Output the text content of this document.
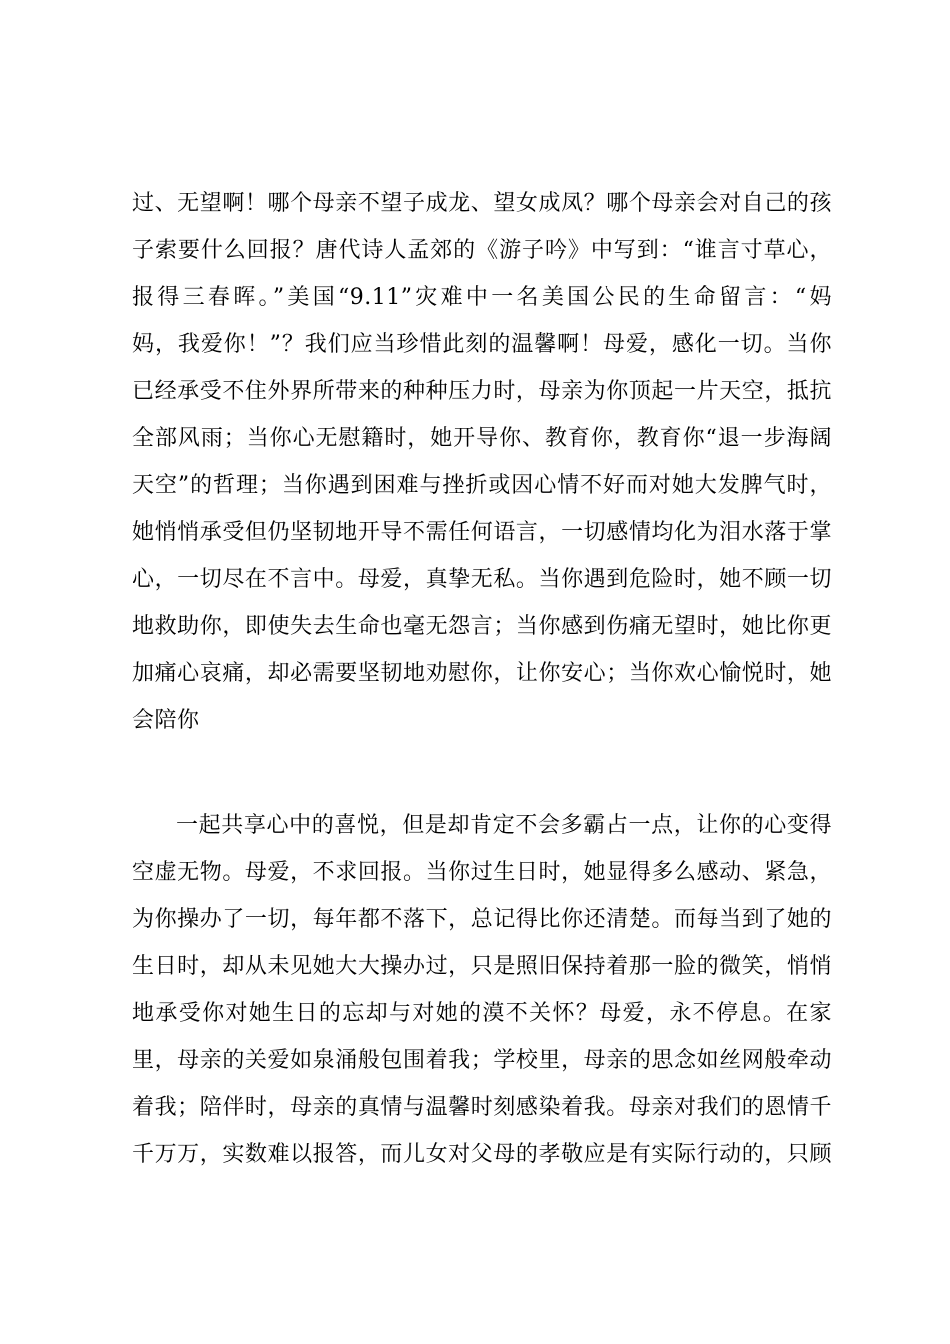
过、无望啊！哪个母亲不望子成龙、望女成凤？哪个母亲会对自己的孩
子索要什么回报？唐代诗人孟郊的《游子吟》中写到：“谁言寸草心，
报得三春晖。”美国“9.11”灾难中一名美国公民的生命留言：“妈
妈，我爱你！”？我们应当珍惜此刻的温馨啊！母爱，感化一切。当你
已经承受不住外界所带来的种种压力时，母亲为你顶起一片天空，抵抗
全部风雨；当你心无慰籍时，她开导你、教育你，教育你“退一步海阔
天空”的哲理；当你遇到困难与挫折或因心情不好而对她大发脾气时，
她悄悄承受但仍坚韧地开导不需任何语言，一切感情均化为泪水落于掌
心，一切尽在不言中。母爱，真挚无私。当你遇到危险时，她不顾一切
地救助你，即使失去生命也毫无怨言；当你感到伤痛无望时，她比你更
加痛心哀痛，却必需要坚韧地劝慰你，让你安心；当你欢心愉悦时，她
会陪你
一起共享心中的喜悦，但是却肯定不会多霸占一点，让你的心变得
空虚无物。母爱，不求回报。当你过生日时，她显得多么感动、紧急，
为你操办了一切，每年都不落下，总记得比你还清楚。而每当到了她的
生日时，却从未见她大大操办过，只是照旧保持着那一脸的微笑，悄悄
地承受你对她生日的忘却与对她的漠不关怀？母爱，永不停息。在家
里，母亲的关爱如泉涌般包围着我；学校里，母亲的思念如丝网般牵动
着我；陪伴时，母亲的真情与温馨时刻感染着我。母亲对我们的恩情千
千万万，实数难以报答，而儿女对父母的孝敬应是有实际行动的，只顾
